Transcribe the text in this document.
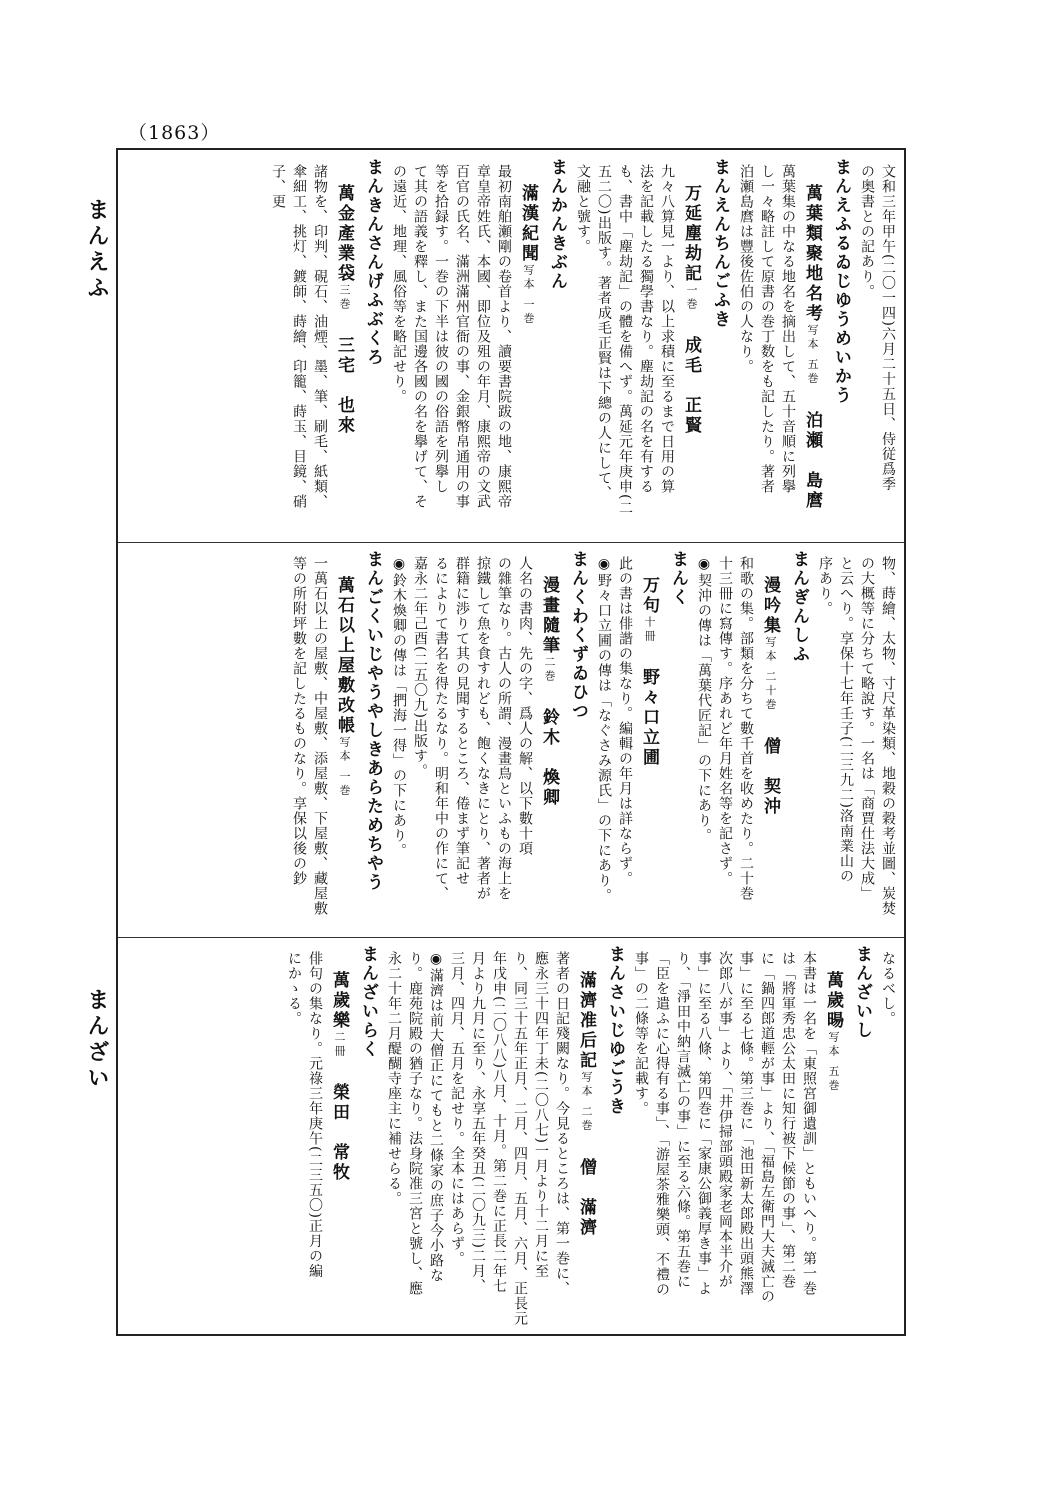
（1863）
まんえふ
まんざい
文和三年甲午(二〇一四)六月二十五日、侍従爲季
の奥書との記あり。
まんえふるゐじゆうめいかう
萬葉類聚地名考写本 五巻泊瀬　島麿
萬葉集の中なる地名を摘出して、五十音順に列擧
し一々略註して原書の巻丁数をも記したり。著者
泊瀬島麿は豐後佐伯の人なり。
まんえんちんごふき
万延塵劫記一巻成毛　正賢
九々八算見一より、以上求積に至るまで日用の算
法を記載したる獨學書なり。塵劫記の名を有する
も、書中「塵劫記」の體を備へず。萬延元年庚申(二
五二〇)出版す。著者成毛正賢は下總の人にして、
文融と號す。
まんかんきぶん
滿漢紀聞写本 一巻
最初南舶瀬剛の卷首より、讀要書院跋の地、康熙帝
章皇帝姓氏、本國、即位及殂の年月、康熙帝の文武
百官の氏名、滿洲滿州官衙の事、金銀幣帛通用の事
等を拾録す。一巻の下半は彼の國の俗語を列擧し
て其の語義を釋し、また国邊各國の名を擧げて、そ
の遠近、地理、風俗等を略記せり。
まんきんさんげふぶくろ
萬金產業袋三巻三宅　也來
諸物を、印判、硯石、油煙、墨、筆、刷毛、紙類、
傘細工、挑灯、鍍師、蒔繪、印籠、蒔玉、目鏡、硝子、更
物、蒔繪、太物、寸尺革染類、地穀の穀考並圖、炭焚
の大概等に分ちて略說す。一名は「商賈仕法大成」
と云へり。享保十七年壬子(二三九二)洛南業山の
序あり。
まんぎんしふ
漫吟集写本 二十巻僧　契沖
和歌の集。部類を分ちて數千首を收めたり。二十巻
十三冊に寫傳す。序あれど年月姓名等を記さず。
◉契沖の傳は「萬葉代匠記」の下にあり。
まんく
万句十冊野々口立圃
此の書は俳諧の集なり。編輯の年月は詳ならず。
◉野々口立圃の傳は「なぐさみ源氏」の下にあり。
まんくわくずゐひつ
漫畫隨筆二巻鈴木　煥卿
人名の書肉、先の字、爲人の解、以下數十項
の雜筆なり。古人の所謂、漫畫鳥といふもの海上を
掠鐵して魚を食すれども、飽くなきにとり、著者が
群籍に渉りて其の見聞するところ、倦まず筆記せ
るによりて書名を得たるなり。明和年中の作にて、
嘉永二年己酉(二五〇九)出版す。
◉鈴木煥卿の傳は「捫海一得」の下にあり。
まんごくいじやうやしきあらためちやう
萬石以上屋敷改帳写本 一巻
一萬石以上の屋敷、中屋敷、添屋敷、下屋敷、藏屋敷
等の所附坪數を記したるものなり。享保以後の鈔
なるべし。
まんざいし
萬歲暘写本 五巻
本書は一名を「東照宮御遺訓」ともいへり。第一巻
は「將軍秀忠公太田に知行被下候節の事」、第二巻
に「鍋四郎道輕が事」より、「福島左衛門大夫滅亡の
事」に至る七條。第三巻に「池田新太郎殿出頭熊澤
次郎八が事」より、「井伊掃部頭殿家老岡本半介が
事」に至る八條、第四巻に「家康公御義厚き事」よ
り、「淨田中納言滅亡の事」に至る六條。第五巻に
「臣を遣ふに心得有る事」、「游屋茶雅樂頭、不禮の
事」の二條等を記載す。
まんさいじゆごうき
滿濟准后記写本 二巻僧　滿濟
著者の日記殘闕なり。今見るところは、第一巻に、
應永三十四年丁未(二〇八七)一月より十二月に至
り、同三十五年正月、二月、四月、五月、六月、正長元
年戊申(二〇八八)八月、十月。第二巻に正長二年七
月より九月に至り、永享五年癸丑(二〇九三)二月、
三月、四月、五月を記せり。全本にはあらず。
◉滿濟は前大僧正にてもと二條家の庶子今小路な
り。鹿苑院殿の猶子なり。法身院准三宮と號し、應
永二十年二月醍醐寺座主に補せらる。
まんざいらく
萬歲樂二冊榮田　常牧
俳句の集なり。元祿三年庚午(二三五〇)正月の編
にかゝる。
